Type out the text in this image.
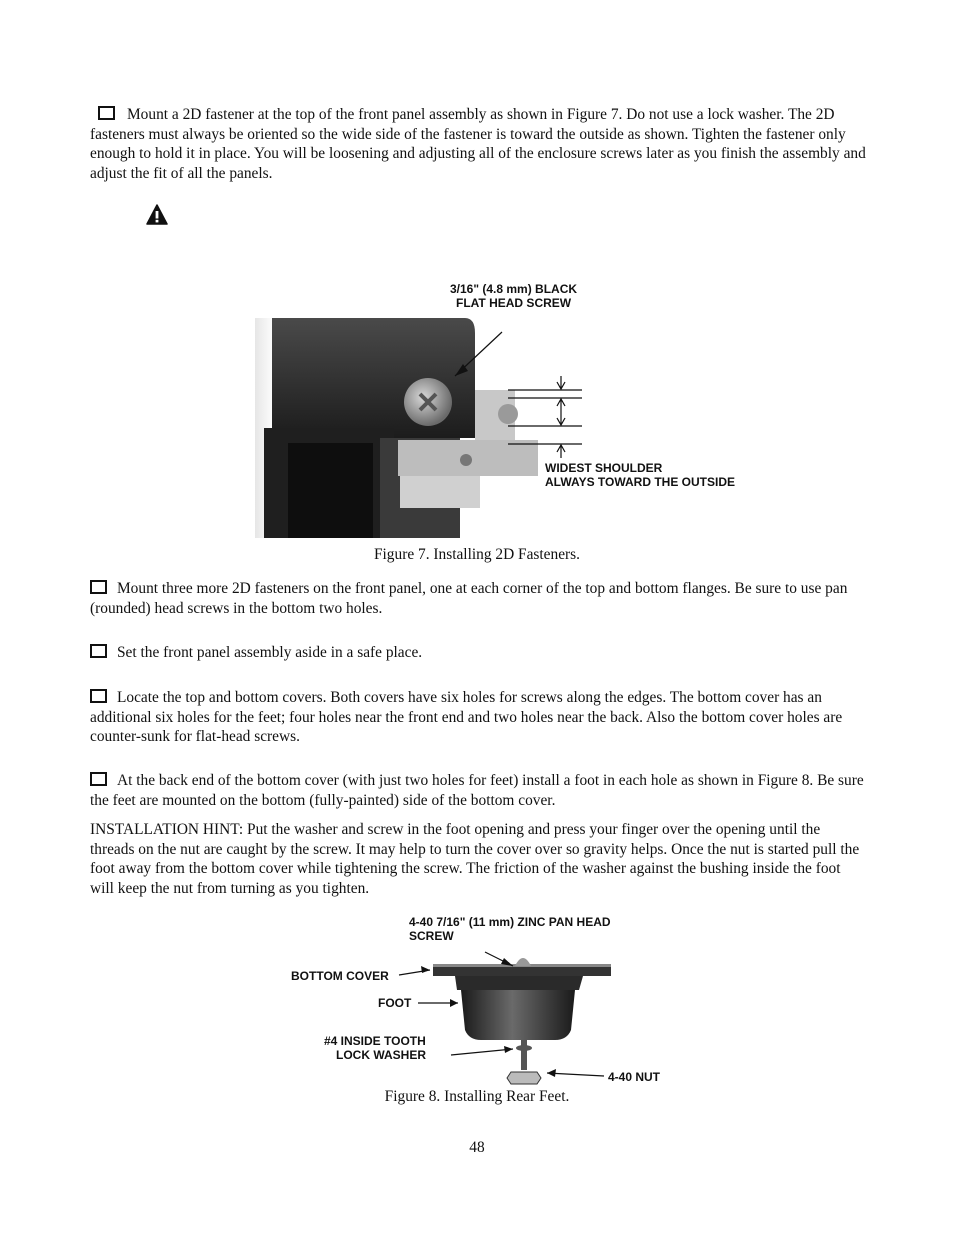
Mount a 2D fastener at the top of the front panel assembly as shown in Figure 7. Do not use a lock washer. The 2D fasteners must always be oriented so the wide side of the fastener is toward the outside as shown. Tighten the fastener only enough to hold it in place. You will be loosening and adjusting all of the enclosure screws later as you finish the assembly and adjust the fit of all the panels.

3/16" (4.8 mm) BLACK
FLAT HEAD SCREW
WIDEST SHOULDER
ALWAYS TOWARD THE OUTSIDE

Figure 7. Installing 2D Fasteners.

Mount three more 2D fasteners on the front panel, one at each corner of the top and bottom flanges. Be sure to use pan (rounded) head screws in the bottom two holes.

Set the front panel assembly aside in a safe place.

Locate the top and bottom covers. Both covers have six holes for screws along the edges. The bottom cover has an additional six holes for the feet; four holes near the front end and two holes near the back. Also the bottom cover holes are       counter-sunk for flat-head screws.

At the back end of the bottom cover (with just two holes for feet) install a foot in each hole as shown in Figure 8. Be sure the feet are mounted on the bottom (fully-painted) side of the bottom cover.

INSTALLATION HINT: Put the washer and screw in the foot opening and press your finger over the opening until the threads on the nut are caught by the screw. It may help to turn the cover over so gravity helps. Once the nut is started pull the foot away from the bottom cover while tightening the screw. The friction of the washer against the bushing inside the foot will keep the nut from turning as you tighten.

4-40 7/16" (11 mm) ZINC PAN HEAD
SCREW
BOTTOM COVER
FOOT
#4 INSIDE TOOTH
LOCK WASHER
4-40 NUT

Figure 8. Installing Rear Feet.

48
